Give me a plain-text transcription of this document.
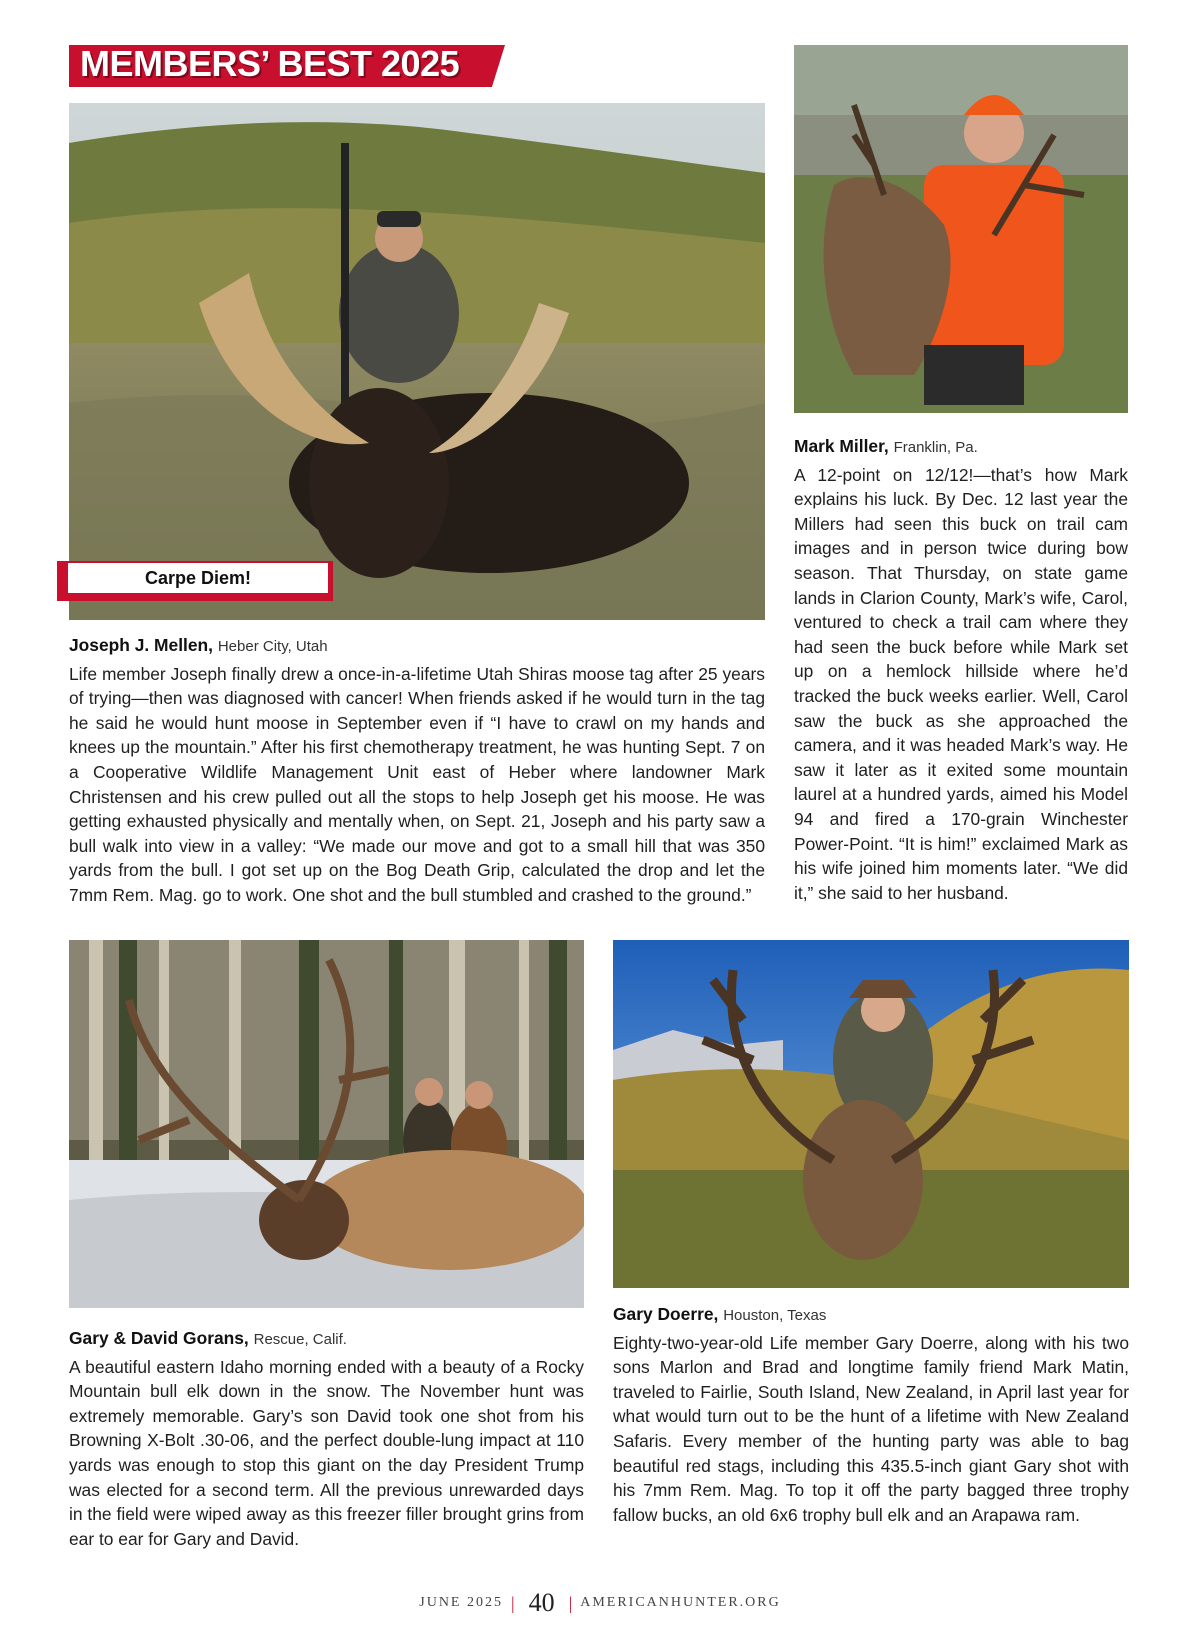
MEMBERS’ BEST 2025
Carpe Diem!
Joseph J. Mellen, Heber City, Utah

Life member Joseph finally drew a once-in-a-lifetime Utah Shiras moose tag after 25 years of trying—then was diagnosed with cancer! When friends asked if he would turn in the tag he said he would hunt moose in September even if “I have to crawl on my hands and knees up the mountain.” After his first chemotherapy treatment, he was hunting Sept. 7 on a Cooperative Wildlife Management Unit east of Heber where landowner Mark Christensen and his crew pulled out all the stops to help Joseph get his moose. He was getting exhausted physically and mentally when, on Sept. 21, Joseph and his party saw a bull walk into view in a valley: “We made our move and got to a small hill that was 350 yards from the bull. I got set up on the Bog Death Grip, calculated the drop and let the 7mm Rem. Mag. go to work. One shot and the bull stumbled and crashed to the ground.”

Mark Miller, Franklin, Pa.

A 12-point on 12/12!—that’s how Mark explains his luck. By Dec. 12 last year the Millers had seen this buck on trail cam images and in person twice during bow season. That Thursday, on state game lands in Clarion County, Mark’s wife, Carol, ventured to check a trail cam where they had seen the buck before while Mark set up on a hemlock hillside where he’d tracked the buck weeks earlier. Well, Carol saw the buck as she approached the camera, and it was headed Mark’s way. He saw it later as it exited some mountain laurel at a hundred yards, aimed his Model 94 and fired a 170-grain Winchester Power-Point. “It is him!” exclaimed Mark as his wife joined him moments later. “We did it,” she said to her husband.

Gary & David Gorans, Rescue, Calif.

A beautiful eastern Idaho morning ended with a beauty of a Rocky Mountain bull elk down in the snow. The November hunt was extremely memorable. Gary’s son David took one shot from his Browning X-Bolt .30-06, and the perfect double-lung impact at 110 yards was enough to stop this giant on the day President Trump was elected for a second term. All the previous unrewarded days in the field were wiped away as this freezer filler brought grins from ear to ear for Gary and David.

Gary Doerre, Houston, Texas

Eighty-two-year-old Life member Gary Doerre, along with his two sons Marlon and Brad and longtime family friend Mark Matin, traveled to Fairlie, South Island, New Zealand, in April last year for what would turn out to be the hunt of a lifetime with New Zealand Safaris. Every member of the hunting party was able to bag beautiful red stags, including this 435.5-inch giant Gary shot with his 7mm Rem. Mag. To top it off the party bagged three trophy fallow bucks, an old 6x6 trophy bull elk and an Arapawa ram.

JUNE 2025 | 40 | AMERICANHUNTER.ORG
